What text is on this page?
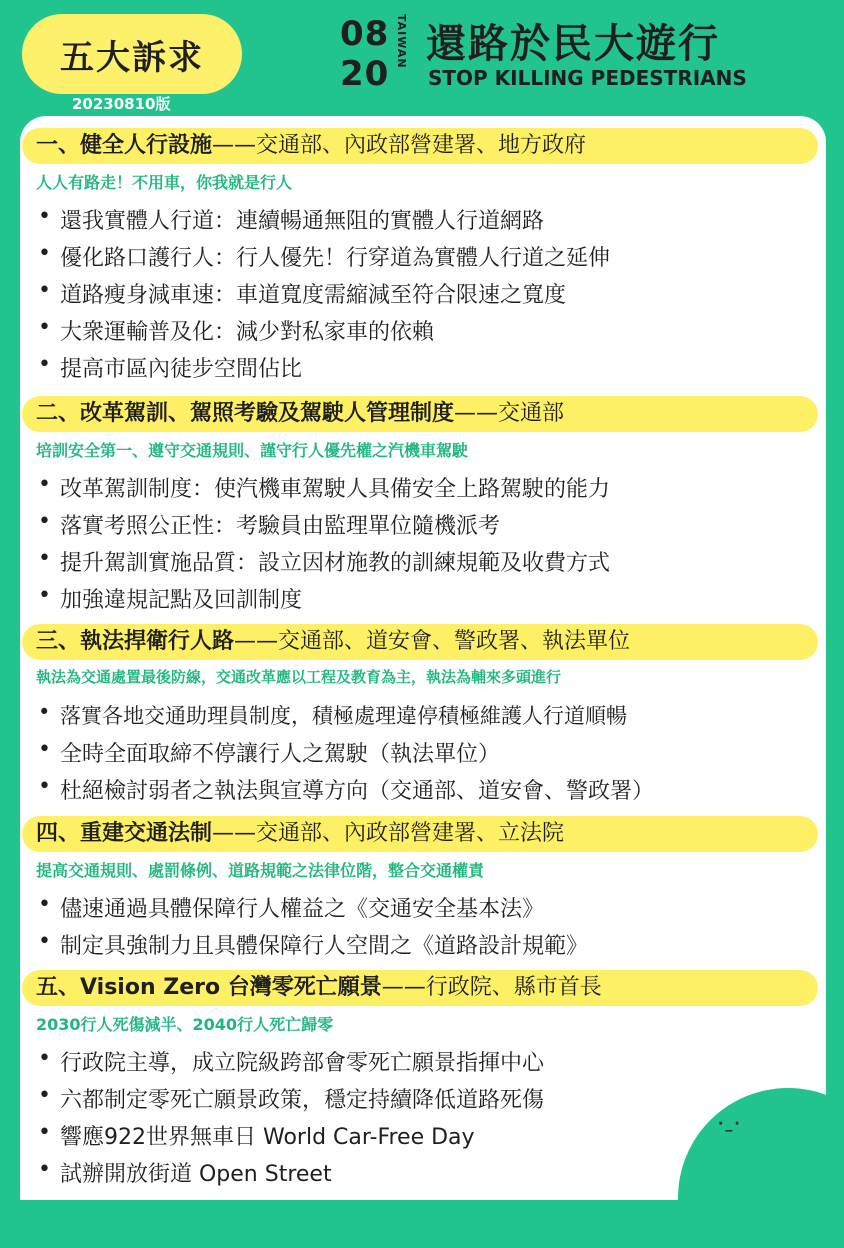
五大訴求
20230810版
08
20
TAIWAN 還路於民大遊行
STOP KILLING PEDESTRIANS
一、健全人行設施——交通部、內政部營建署、地方政府
人人有路走！不用車，你我就是行人
• 還我實體人行道：連續暢通無阻的實體人行道網路
• 優化路口護行人：行人優先！行穿道為實體人行道之延伸
• 道路瘦身減車速：車道寬度需縮減至符合限速之寬度
• 大衆運輸普及化：減少對私家車的依賴
• 提高市區內徒步空間佔比
二、改革駕訓、駕照考驗及駕駛人管理制度——交通部
培訓安全第一、遵守交通規則、謹守行人優先權之汽機車駕駛
• 改革駕訓制度：使汽機車駕駛人具備安全上路駕駛的能力
• 落實考照公正性：考驗員由監理單位隨機派考
• 提升駕訓實施品質：設立因材施教的訓練規範及收費方式
• 加強違規記點及回訓制度
三、執法捍衛行人路——交通部、道安會、警政署、執法單位
執法為交通處置最後防線，交通改革應以工程及教育為主，執法為輔來多頭進行
• 落實各地交通助理員制度，積極處理違停積極維護人行道順暢
• 全時全面取締不停讓行人之駕駛（執法單位）
• 杜絕檢討弱者之執法與宣導方向（交通部、道安會、警政署）
四、重建交通法制——交通部、內政部營建署、立法院
提高交通規則、處罰條例、道路規範之法律位階，整合交通權責
• 儘速通過具體保障行人權益之《交通安全基本法》
• 制定具強制力且具體保障行人空間之《道路設計規範》
五、Vision Zero 台灣零死亡願景——行政院、縣市首長
2030行人死傷減半、2040行人死亡歸零
• 行政院主導，成立院級跨部會零死亡願景指揮中心
• 六都制定零死亡願景政策，穩定持續降低道路死傷
• 響應922世界無車日 World Car-Free Day
• 試辦開放街道 Open Street
·_·
